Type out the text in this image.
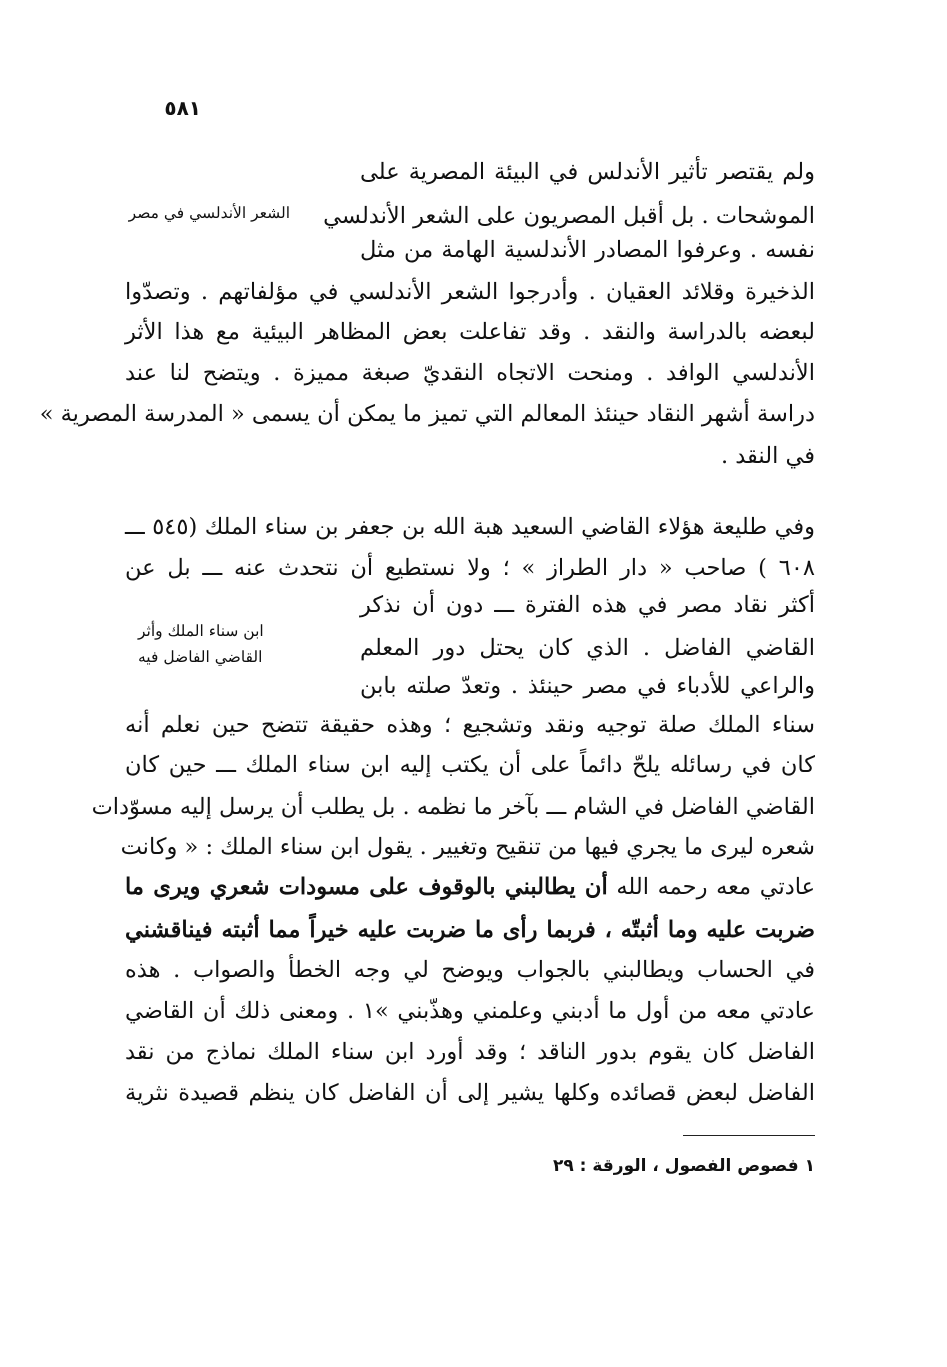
٥٨١
الشعر الأندلسي في مصر
ابن سناء الملك وأثر
القاضي الفاضل فيه
ولم يقتصر تأثير الأندلس في البيئة المصرية على
الموشحات . بل أقبل المصريون على الشعر الأندلسي
نفسه . وعرفوا المصادر الأندلسية الهامة من مثل
الذخيرة وقلائد العقيان . وأدرجوا الشعر الأندلسي في مؤلفاتهم . وتصدّوا
لبعضه بالدراسة والنقد . وقد تفاعلت بعض المظاهر البيئية مع هذا الأثر
الأندلسي الوافد . ومنحت الاتجاه النقديّ صبغة مميزة . ويتضح لنا عند
دراسة أشهر النقاد حينئذ المعالم التي تميز ما يمكن أن يسمى « المدرسة المصرية »
في النقد .
وفي طليعة هؤلاء القاضي السعيد هبة الله بن جعفر بن سناء الملك (٥٤٥ ـــ
٦٠٨ ) صاحب « دار الطراز » ؛ ولا نستطيع أن نتحدث عنه ـــ بل عن
أكثر نقاد مصر في هذه الفترة ـــ دون أن نذكر
القاضي الفاضل . الذي كان يحتل دور المعلم
والراعي للأدباء في مصر حينئذ . وتعدّ صلته بابن
سناء الملك صلة توجيه ونقد وتشجيع ؛ وهذه حقيقة تتضح حين نعلم أنه
كان في رسائله يلحّ دائماً على أن يكتب إليه ابن سناء الملك ـــ حين كان
القاضي الفاضل في الشام ـــ بآخر ما نظمه . بل يطلب أن يرسل إليه مسوّدات
شعره ليرى ما يجري فيها من تنقيح وتغيير . يقول ابن سناء الملك : « وكانت
عادتي معه رحمه الله أن يطالبني بالوقوف على مسودات شعري ويرى ما
ضربت عليه وما أثبتّه ، فربما رأى ما ضربت عليه خيراً مما أثبته فيناقشني
في الحساب ويطالبني بالجواب ويوضح لي وجه الخطأ والصواب . هذه
عادتي معه من أول ما أدبني وعلمني وهذّبني »١ . ومعنى ذلك أن القاضي
الفاضل كان يقوم بدور الناقد ؛ وقد أورد ابن سناء الملك نماذج من نقد
الفاضل لبعض قصائده وكلها يشير إلى أن الفاضل كان ينظم قصيدة نثرية
١ فصوص الفصول ، الورقة : ٢٩
